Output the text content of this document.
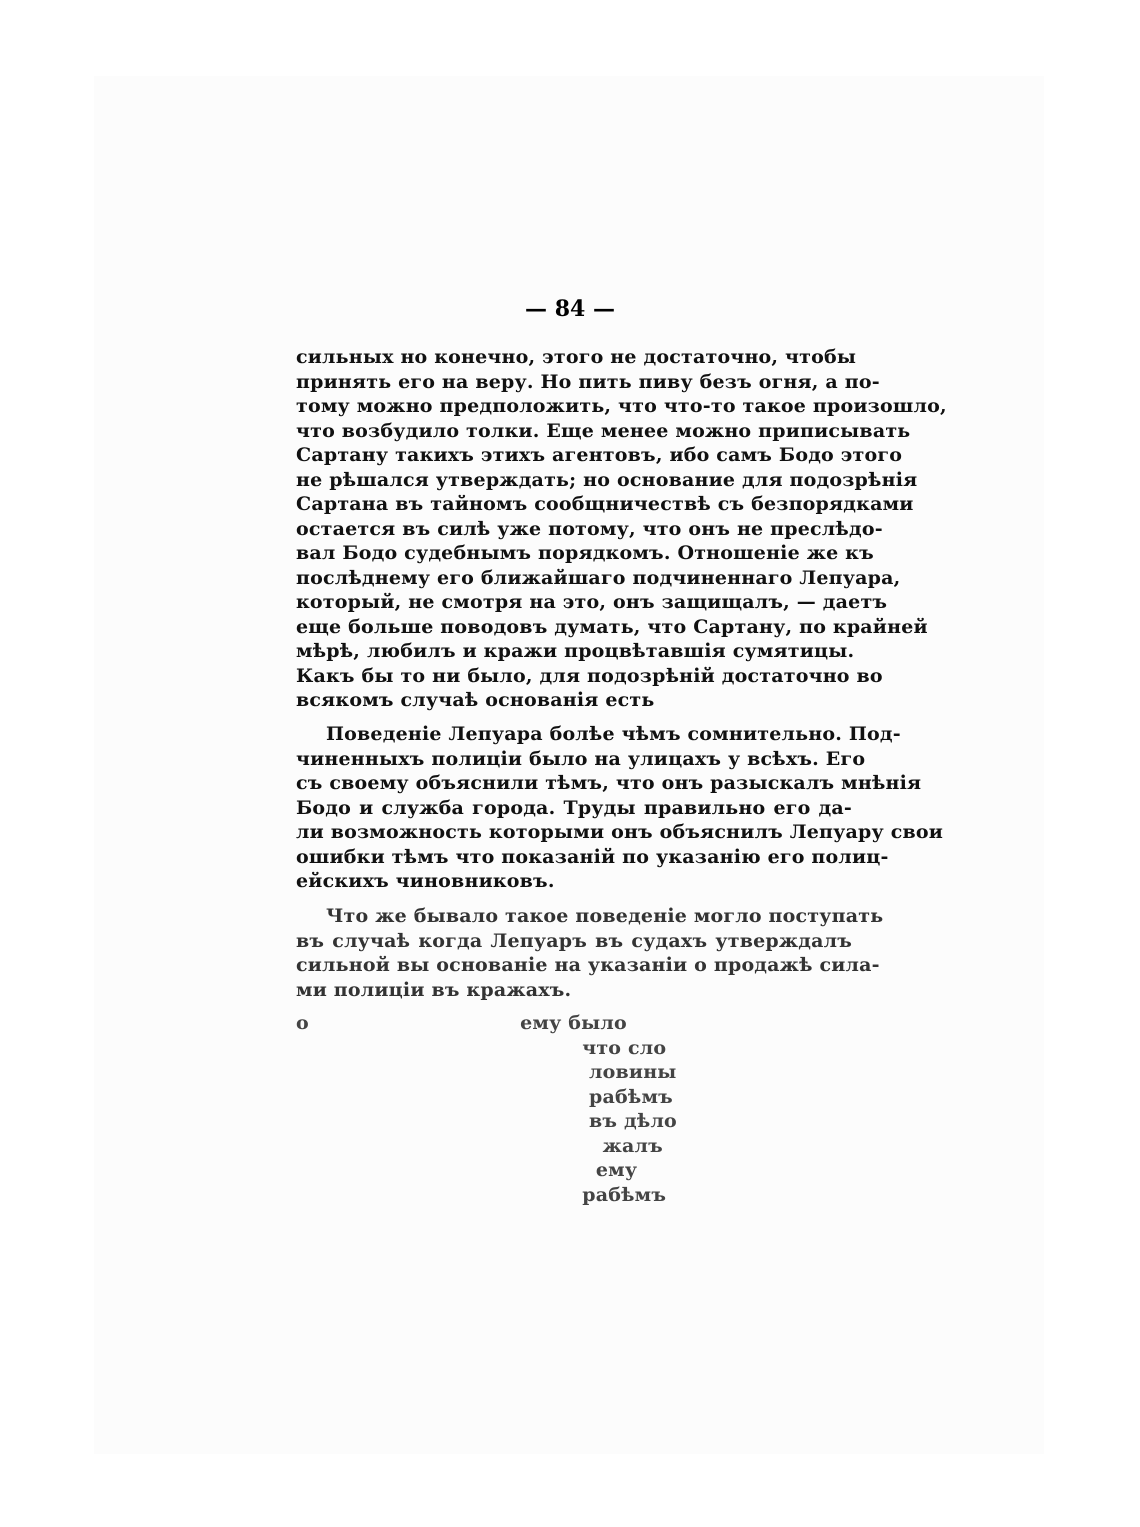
— 84 —
сильных но конечно, этого не достаточно, чтобы
принять его на веру. Но пить пиву безъ огня, а по-
тому можно предположить, что что-то такое произошло,
что возбудило толки. Еще менее можно приписывать
Сартану такихъ этихъ агентовъ, ибо самъ Бодо этого
не рѣшался утверждать; но основание для подозрѣнія
Сартана въ тайномъ сообщничествѣ съ безпорядками
остается въ силѣ уже потому, что онъ не преслѣдо-
вал Бодо судебнымъ порядкомъ. Отношеніе же къ
послѣднему его ближайшаго подчиненнаго Лепуара,
который, не смотря на это, онъ защищалъ, — даетъ
еще больше поводовъ думать, что Сартану, по крайней
мѣрѣ, любилъ и кражи процвѣтавшія сумятицы.
Какъ бы то ни было, для подозрѣній достаточно во
всякомъ случаѣ основанія есть
Поведеніе Лепуара болѣе чѣмъ сомнительно. Под-
чиненныхъ полиціи было на улицахъ у всѣхъ. Его
съ своему объяснили тѣмъ, что онъ разыскалъ мнѣнія
Бодо и служба города. Труды правильно его да-
ли возможность которыми онъ объяснилъ Лепуару свои
ошибки тѣмъ что показаній по указанію его полиц-
ейскихъ чиновниковъ.
Что же бывало такое поведеніе могло поступать
въ случаѣ когда Лепуаръ въ судахъ утверждалъ
сильной вы основаніе на указаніи о продажѣ сила-
ми полиціи въ кражахъ.
о                               ему было
что сло
ловины
рабѣмъ
въ дѣло
жалъ
ему
рабѣмъ
